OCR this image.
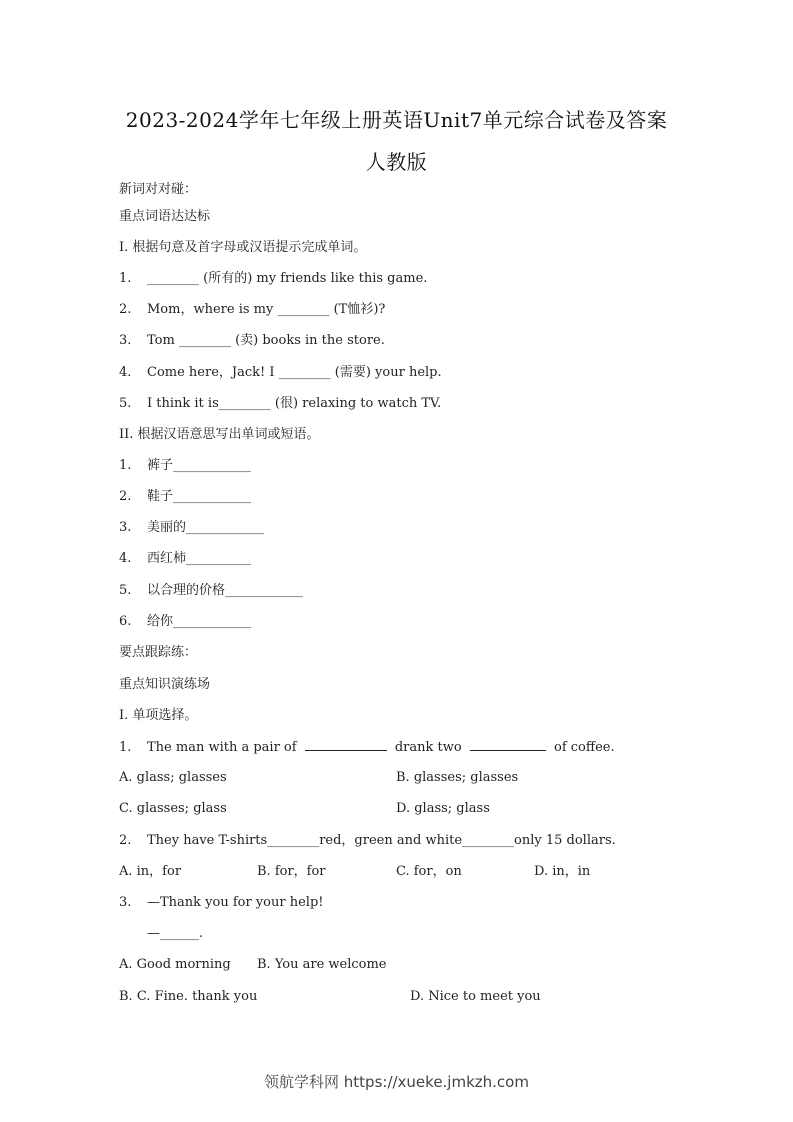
2023-2024学年七年级上册英语Unit7单元综合试卷及答案
人教版
新词对对碰：
重点词语达达标
I. 根据句意及首字母或汉语提示完成单词。
1. ________ (所有的) my friends like this game.
2. Mom，where is my ________ (T恤衫)?
3. Tom ________ (卖) books in the store.
4. Come here，Jack! I ________ (需要) your help.
5. I think it is________ (很) relaxing to watch TV.
II. 根据汉语意思写出单词或短语。
1. 裤子____________
2. 鞋子____________
3. 美丽的____________
4. 西红柿__________
5. 以合理的价格____________
6. 给你____________
要点跟踪练：
重点知识演练场
I. 单项选择。
1. The man with a pair of	drank two	of coffee.
A. glass; glasses	B. glasses; glasses
C. glasses; glass	D. glass; glass
2. They have T-shirts________red，green and white________only 15 dollars.
A. in，for	B. for，for	C. for，on	D. in，in
3. —Thank you for your help!
—______.
A. Good morning B. You are welcome
B. C. Fine. thank you	D. Nice to meet you
领航学科网 https://xueke.jmkzh.com
